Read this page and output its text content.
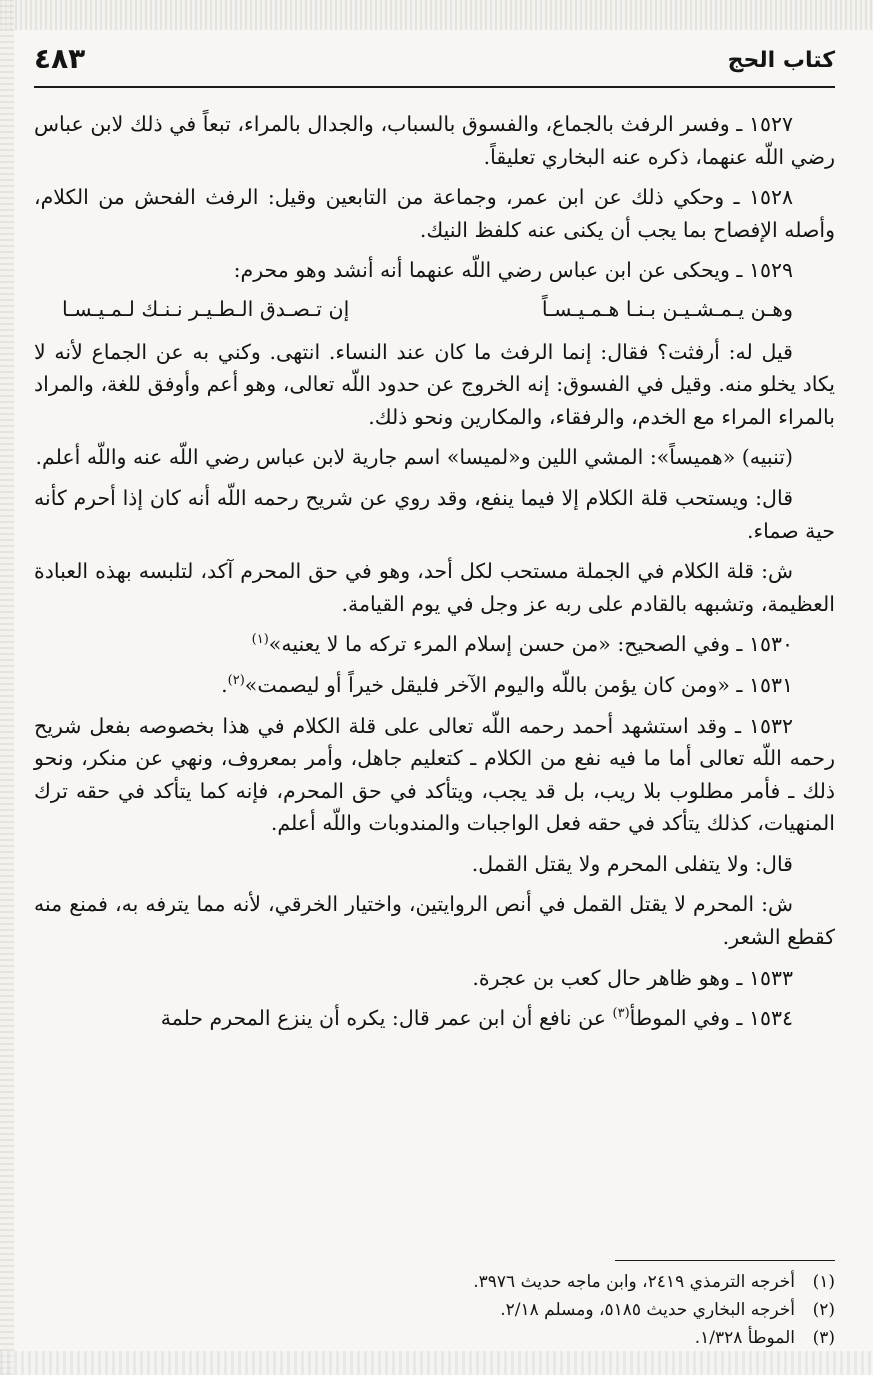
كتاب الحج
٤٨٣

١٥٢٧ ـ وفسر الرفث بالجماع، والفسوق بالسباب، والجدال بالمراء، تبعاً في ذلك لابن عباس رضي اللّه عنهما، ذكره عنه البخاري تعليقاً.

١٥٢٨ ـ وحكي ذلك عن ابن عمر، وجماعة من التابعين وقيل: الرفث الفحش من الكلام، وأصله الإفصاح بما يجب أن يكنى عنه كلفظ النيك.

١٥٢٩ ـ ويحكى عن ابن عباس رضي اللّه عنهما أنه أنشد وهو محرم:

وهـن يـمـشـيـن بـنـا هـمـيـسـاً
إن تـصـدق الـطـيـر نـنـك لـمـيـسـا

قيل له: أرفثت؟ فقال: إنما الرفث ما كان عند النساء. انتهى. وكني به عن الجماع لأنه لا يكاد يخلو منه. وقيل في الفسوق: إنه الخروج عن حدود اللّه تعالى، وهو أعم وأوفق للغة، والمراد بالمراء المراء مع الخدم، والرفقاء، والمكارين ونحو ذلك.

(تنبيه) «هميساً»: المشي اللين و«لميسا» اسم جارية لابن عباس رضي اللّه عنه واللّه أعلم.

قال: ويستحب قلة الكلام إلا فيما ينفع، وقد روي عن شريح رحمه اللّه أنه كان إذا أحرم كأنه حية صماء.

ش: قلة الكلام في الجملة مستحب لكل أحد، وهو في حق المحرم آكد، لتلبسه بهذه العبادة العظيمة، وتشبهه بالقادم على ربه عز وجل في يوم القيامة.

١٥٣٠ ـ وفي الصحيح: «من حسن إسلام المرء تركه ما لا يعنيه»$^{(١)}$

١٥٣١ ـ «ومن كان يؤمن باللّه واليوم الآخر فليقل خيراً أو ليصمت»$^{(٢)}$.

١٥٣٢ ـ وقد استشهد أحمد رحمه اللّه تعالى على قلة الكلام في هذا بخصوصه بفعل شريح رحمه اللّه تعالى أما ما فيه نفع من الكلام ـ كتعليم جاهل، وأمر بمعروف، ونهي عن منكر، ونحو ذلك ـ فأمر مطلوب بلا ريب، بل قد يجب، ويتأكد في حق المحرم، فإنه كما يتأكد في حقه ترك المنهيات، كذلك يتأكد في حقه فعل الواجبات والمندوبات واللّه أعلم.

قال: ولا يتفلى المحرم ولا يقتل القمل.

ش: المحرم لا يقتل القمل في أنص الروايتين، واختيار الخرقي، لأنه مما يترفه به، فمنع منه كقطع الشعر.

١٥٣٣ ـ وهو ظاهر حال كعب بن عجرة.

١٥٣٤ ـ وفي الموطأ$^{(٣)}$ عن نافع أن ابن عمر قال: يكره أن ينزع المحرم حلمة

(١)
أخرجه الترمذي ٢٤١٩، وابن ماجه حديث ٣٩٧٦.
(٢)
أخرجه البخاري حديث ٥١٨٥، ومسلم ٢/١٨.
(٣)
الموطأ ١/٣٢٨.
